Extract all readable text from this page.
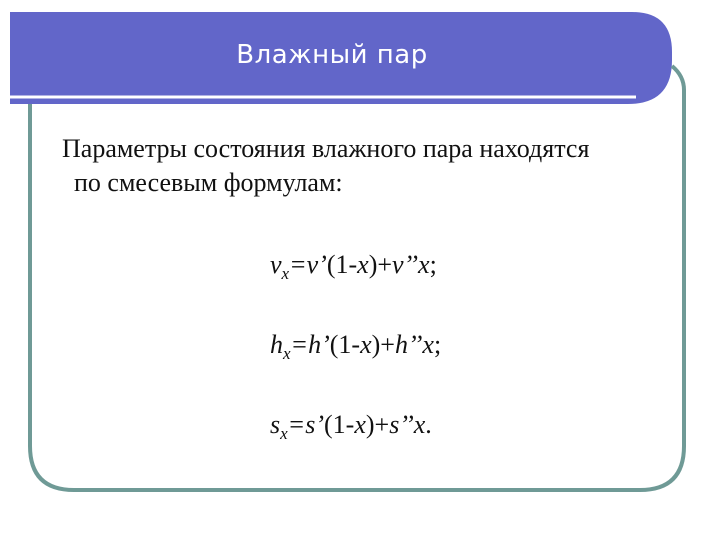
Влажный пар
Параметры состояния влажного пара находятся
по смесевым формулам:
$v_x=v’(1-x)+v’’x$;
$h_x=h’(1-x)+h’’x$;
$s_x=s’(1-x)+s’’x$.
